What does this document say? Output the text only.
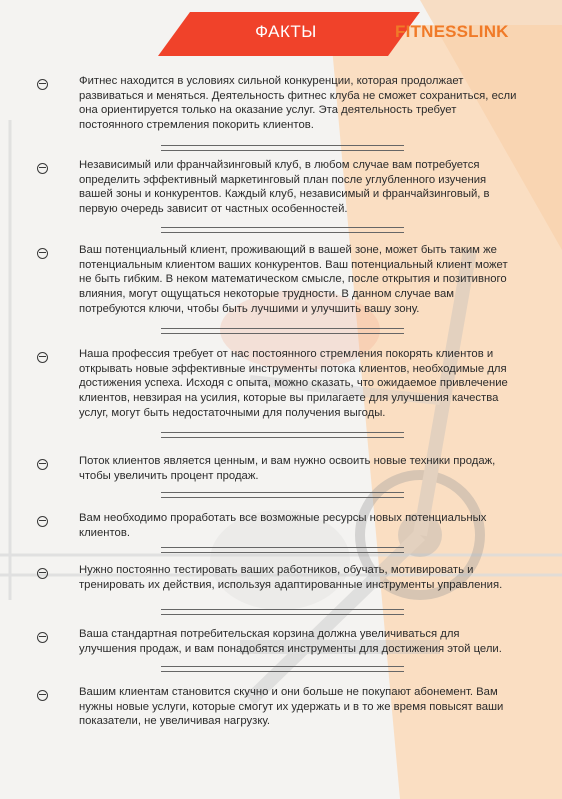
ФАКТЫ	FITNESSLINK

Фитнес находится в условиях сильной конкуренции, которая продолжает развиваться и меняться. Деятельность фитнес клуба не сможет сохраниться, если она ориентируется только на оказание услуг. Эта деятельность требует постоянного стремления покорить клиентов.

Независимый или франчайзинговый клуб, в любом случае вам потребуется определить эффективный маркетинговый план после углубленного изучения вашей зоны и конкурентов. Каждый клуб, независимый и франчайзинговый, в первую очередь зависит от частных особенностей.

Ваш потенциальный клиент, проживающий в вашей зоне, может быть таким же потенциальным клиентом ваших конкурентов. Ваш потенциальный клиент может не быть гибким. В неком математическом смысле, после открытия и позитивного влияния, могут ощущаться некоторые трудности. В данном случае вам потребуются ключи, чтобы быть лучшими и улучшить вашу зону.

Наша профессия требует от нас постоянного стремления покорять клиентов и открывать новые эффективные инструменты потока клиентов, необходимые для достижения успеха. Исходя с опыта, можно сказать, что ожидаемое привлечение клиентов, невзирая на усилия, которые вы прилагаете для улучшения качества услуг, могут быть недостаточными для получения выгоды.

Поток клиентов является ценным, и вам нужно освоить новые техники продаж, чтобы увеличить процент продаж.

Вам необходимо проработать все возможные ресурсы новых потенциальных клиентов.

Нужно постоянно тестировать ваших работников, обучать, мотивировать и тренировать их действия, используя адаптированные инструменты управления.

Ваша стандартная потребительская корзина должна увеличиваться для улучшения продаж, и вам понадобятся инструменты для достижения этой цели.

Вашим клиентам становится скучно и они больше не покупают абонемент. Вам нужны новые услуги, которые смогут их удержать и в то же время повысят ваши показатели, не увеличивая нагрузку.
